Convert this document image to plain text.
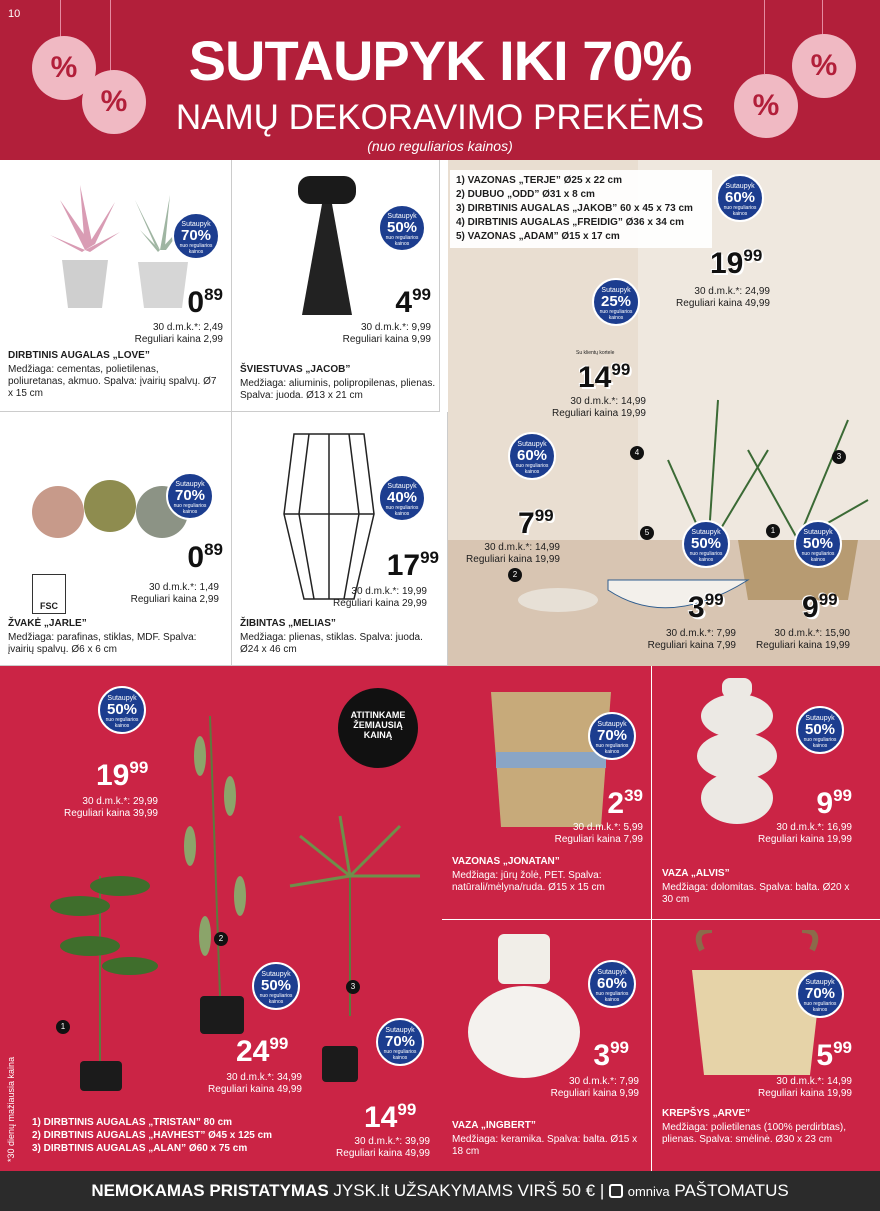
10
%
%	%
%
SUTAUPYK IKI 70%
NAMŲ DEKORAVIMO PREKĖMS
(nuo reguliarios kainos)
Sutaupyk
70%
nuo reguliarios kainos
$0^{89}$
30 d.m.k.*: 2,49
Reguliari kaina 2,99
DIRBTINIS AUGALAS „LOVE”
Medžiaga: cementas, polietilenas, poliuretanas, akmuo. Spalva: įvairių spalvų. Ø7 x 15 cm
Sutaupyk
50%
nuo reguliarios kainos
$4^{99}$
30 d.m.k.*: 9,99
Reguliari kaina 9,99
ŠVIESTUVAS „JACOB”
Medžiaga: aliuminis, polipropilenas, plienas. Spalva: juoda. Ø13 x 21 cm
Sutaupyk
70%
nuo reguliarios kainos
FSC
$0^{89}$
30 d.m.k.*: 1,49
Reguliari kaina 2,99
ŽVAKĖ „JARLE”
Medžiaga: parafinas, stiklas, MDF. Spalva: įvairių spalvų. Ø6 x 6 cm
Sutaupyk
40%
nuo reguliarios kainos
$17^{99}$
30 d.m.k.*: 19,99
Reguliari kaina 29,99
ŽIBINTAS „MELIAS”
Medžiaga: plienas, stiklas. Spalva: juoda. Ø24 x 46 cm
1) VAZONAS „TERJE” Ø25 x 22 cm
2) DUBUO „ODD” Ø31 x 8 cm
3) DIRBTINIS AUGALAS „JAKOB” 60 x 45 x 73 cm
4) DIRBTINIS AUGALAS „FREIDIG” Ø36 x 34 cm
5) VAZONAS „ADAM” Ø15 x 17 cm
Sutaupyk
60%
nuo reguliarios kainos
$19^{99}$
30 d.m.k.*: 24,99
Reguliari kaina 49,99
Sutaupyk
25%
nuo reguliarios kainos
Su klientų kortele
$14^{99}$
30 d.m.k.*: 14,99
Reguliari kaina 19,99
Sutaupyk
60%
nuo reguliarios kainos
$7^{99}$
30 d.m.k.*: 14,99
Reguliari kaina 19,99
Sutaupyk
50%
nuo reguliarios kainos
$3^{99}$
30 d.m.k.*: 7,99
Reguliari kaina 7,99
Sutaupyk
50%
nuo reguliarios kainos
$9^{99}$
30 d.m.k.*: 15,90
Reguliari kaina 19,99
1
2
3
4
5
Sutaupyk
50%
nuo reguliarios kainos
$19^{99}$
30 d.m.k.*: 29,99
Reguliari kaina 39,99
ATITINKAME ŽEMIAUSIĄ KAINĄ
Sutaupyk
50%
nuo reguliarios kainos
$24^{99}$
30 d.m.k.*: 34,99
Reguliari kaina 49,99
Sutaupyk
70%
nuo reguliarios kainos
$14^{99}$
30 d.m.k.*: 39,99
Reguliari kaina 49,99
1) DIRBTINIS AUGALAS „TRISTAN” 80 cm
2) DIRBTINIS AUGALAS „HAVHEST” Ø45 x 125 cm
3) DIRBTINIS AUGALAS „ALAN” Ø60 x 75 cm
1
2
3
*30 dienų mažiausia kaina
Sutaupyk
70%
nuo reguliarios kainos
$2^{39}$
30 d.m.k.*: 5,99
Reguliari kaina 7,99
VAZONAS „JONATAN”
Medžiaga: jūrų žolė, PET. Spalva: natūrali/mėlyna/ruda. Ø15 x 15 cm
Sutaupyk
50%
nuo reguliarios kainos
$9^{99}$
30 d.m.k.*: 16,99
Reguliari kaina 19,99
VAZA „ALVIS”
Medžiaga: dolomitas. Spalva: balta. Ø20 x 30 cm
Sutaupyk
60%
nuo reguliarios kainos
$3^{99}$
30 d.m.k.*: 7,99
Reguliari kaina 9,99
VAZA „INGBERT”
Medžiaga: keramika. Spalva: balta. Ø15 x 18 cm
Sutaupyk
70%
nuo reguliarios kainos
$5^{99}$
30 d.m.k.*: 14,99
Reguliari kaina 19,99
KREPŠYS „ARVE”
Medžiaga: polietilenas (100% perdirbtas), plienas. Spalva: smėlinė. Ø30 x 23 cm
NEMOKAMAS PRISTATYMAS JYSK.lt UŽSAKYMAMS VIRŠ 50 € | omniva PAŠTOMATUS
